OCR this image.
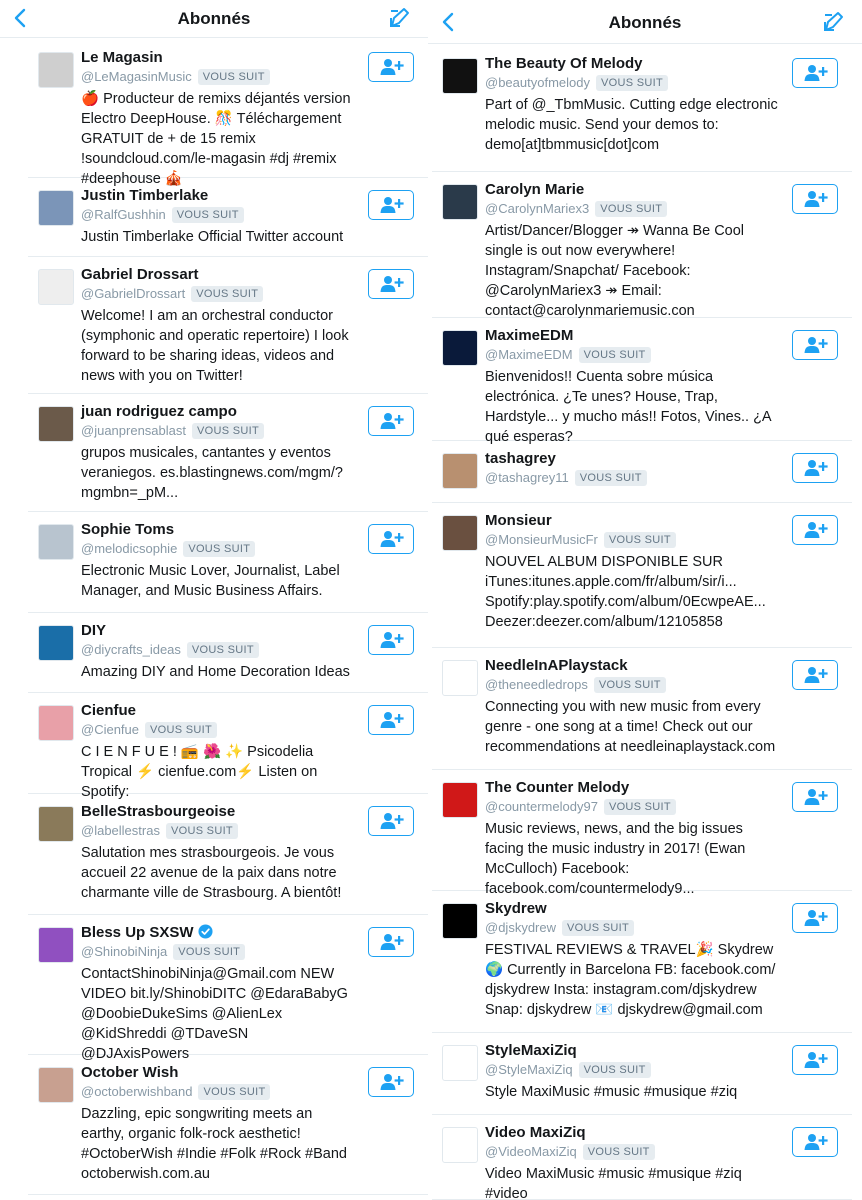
Abonnés
Le Magasin
@LeMagasinMusic VOUS SUIT
🍎 Producteur de remixs déjantés version Electro DeepHouse. 🎊 Téléchargement GRATUIT de + de 15 remix !soundcloud.com/le-magasin #dj #remix #deephouse 🎪
Justin Timberlake
@RalfGushhin VOUS SUIT
Justin Timberlake Official Twitter account
Gabriel Drossart
@GabrielDrossart VOUS SUIT
Welcome! I am an orchestral conductor (symphonic and operatic repertoire) I look forward to be sharing ideas, videos and news with you on Twitter!
juan rodriguez campo
@juanprensablast VOUS SUIT
grupos musicales, cantantes y eventos veraniegos. es.blastingnews.com/mgm/?mgmbn=_pM...
Sophie Toms
@melodicsophie VOUS SUIT
Electronic Music Lover, Journalist, Label Manager, and Music Business Affairs.
DIY
@diycrafts_ideas VOUS SUIT
Amazing DIY and Home Decoration Ideas
Cienfue
@Cienfue VOUS SUIT
C I E N F U E ! 📻 🌺 ✨ Psicodelia Tropical ⚡ cienfue.com⚡ Listen on Spotify:
BelleStrasbourgeoise
@labellestras VOUS SUIT
Salutation mes strasbourgeois. Je vous accueil 22 avenue de la paix dans notre charmante ville de Strasbourg. A bientôt!
Bless Up SXSW
@ShinobiNinja VOUS SUIT
ContactShinobiNinja@Gmail.com NEW VIDEO bit.ly/ShinobiDITC @EdaraBabyG @DoobieDukeSims @AlienLex @KidShreddi @TDaveSN @DJAxisPowers
October Wish
@octoberwishband VOUS SUIT
Dazzling, epic songwriting meets an earthy, organic folk-rock aesthetic! #OctoberWish #Indie #Folk #Rock #Band octoberwish.com.au
Abonnés
The Beauty Of Melody
@beautyofmelody VOUS SUIT
Part of @_TbmMusic. Cutting edge electronic melodic music. Send your demos to: demo[at]tbmmusic[dot]com
Carolyn Marie
@CarolynMariex3 VOUS SUIT
Artist/Dancer/Blogger ↠ Wanna Be Cool single is out now everywhere! Instagram/Snapchat/ Facebook: @CarolynMariex3 ↠ Email: contact@carolynmariemusic.con
MaximeEDM
@MaximeEDM VOUS SUIT
Bienvenidos!! Cuenta sobre música electrónica. ¿Te unes? House, Trap, Hardstyle... y mucho más!! Fotos, Vines.. ¿A qué esperas?
tashagrey
@tashagrey11 VOUS SUIT
Monsieur
@MonsieurMusicFr VOUS SUIT
NOUVEL ALBUM DISPONIBLE SUR iTunes:itunes.apple.com/fr/album/sir/i... Spotify:play.spotify.com/album/0EcwpeAE... Deezer:deezer.com/album/12105858
NeedleInAPlaystack
@theneedledrops VOUS SUIT
Connecting you with new music from every genre - one song at a time! Check out our recommendations at needleinaplaystack.com
The Counter Melody
@countermelody97 VOUS SUIT
Music reviews, news, and the big issues facing the music industry in 2017! (Ewan McCulloch) Facebook: facebook.com/countermelody9...
Skydrew
@djskydrew VOUS SUIT
FESTIVAL REVIEWS & TRAVEL🎉 Skydrew 🌍 Currently in Barcelona FB: facebook.com/ djskydrew Insta: instagram.com/djskydrew Snap: djskydrew 📧 djskydrew@gmail.com
StyleMaxiZiq
@StyleMaxiZiq VOUS SUIT
Style MaxiMusic #music #musique #ziq
Video MaxiZiq
@VideoMaxiZiq VOUS SUIT
Video MaxiMusic #music #musique #ziq #video
